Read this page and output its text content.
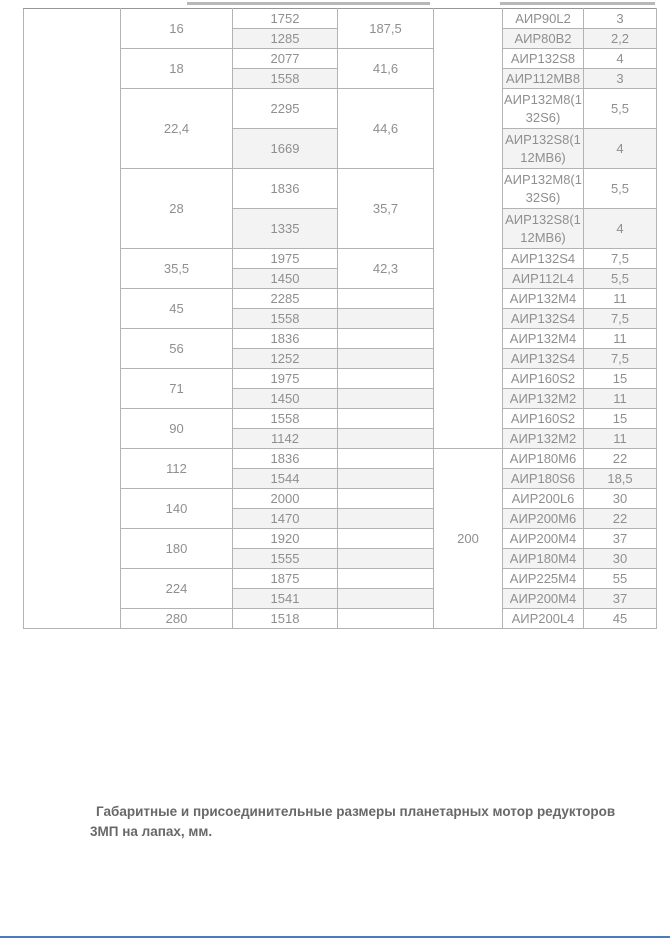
	16	1752	187,5		АИР90L2	3
		1285			АИР80В2	2,2
	18	2077	41,6		АИР132S8	4
		1558			АИР112МВ8	3
	22,4	2295	44,6		АИР132М8(132S6)	5,5
		1669			АИР132S8(112МВ6)	4
	28	1836	35,7		АИР132М8(132S6)	5,5
		1335			АИР132S8(112МВ6)	4
	35,5	1975	42,3		АИР132S4	7,5
		1450			АИР112L4	5,5
	45	2285			АИР132М4	11
		1558			АИР132S4	7,5
	56	1836			АИР132М4	11
		1252			АИР132S4	7,5
	71	1975			АИР160S2	15
		1450			АИР132М2	11
	90	1558			АИР160S2	15
		1142			АИР132М2	11
	112	1836		200	АИР180М6	22
		1544			АИР180S6	18,5
	140	2000			АИР200L6	30
		1470			АИР200М6	22
	180	1920			АИР200М4	37
		1555			АИР180М4	30
	224	1875			АИР225М4	55
		1541			АИР200М4	37
	280	1518			АИР200L4	45

Габаритные и присоединительные размеры планетарных мотор редукторов
3МП на лапах, мм.
